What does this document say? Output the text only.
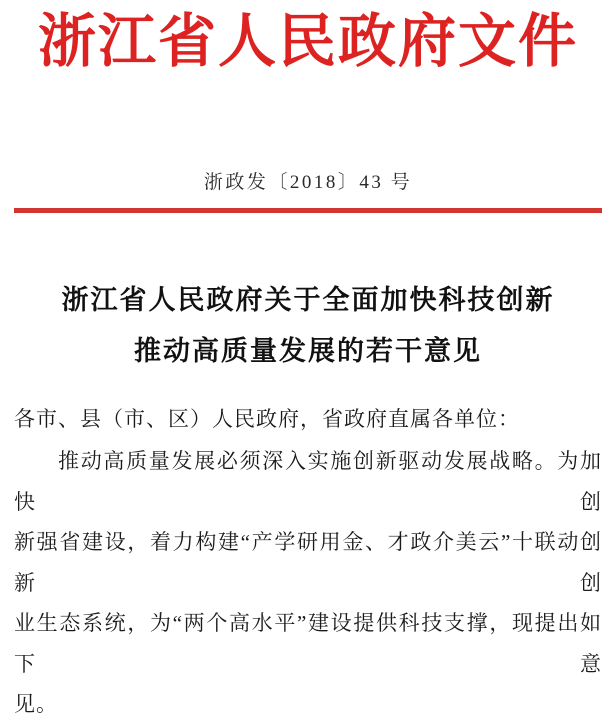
浙江省人民政府文件
浙政发〔2018〕43 号
浙江省人民政府关于全面加快科技创新
推动高质量发展的若干意见
各市、县（市、区）人民政府，省政府直属各单位：
推动高质量发展必须深入实施创新驱动发展战略。为加快创
新强省建设，着力构建“产学研用金、才政介美云”十联动创新创
业生态系统，为“两个高水平”建设提供科技支撑，现提出如下意
见。
